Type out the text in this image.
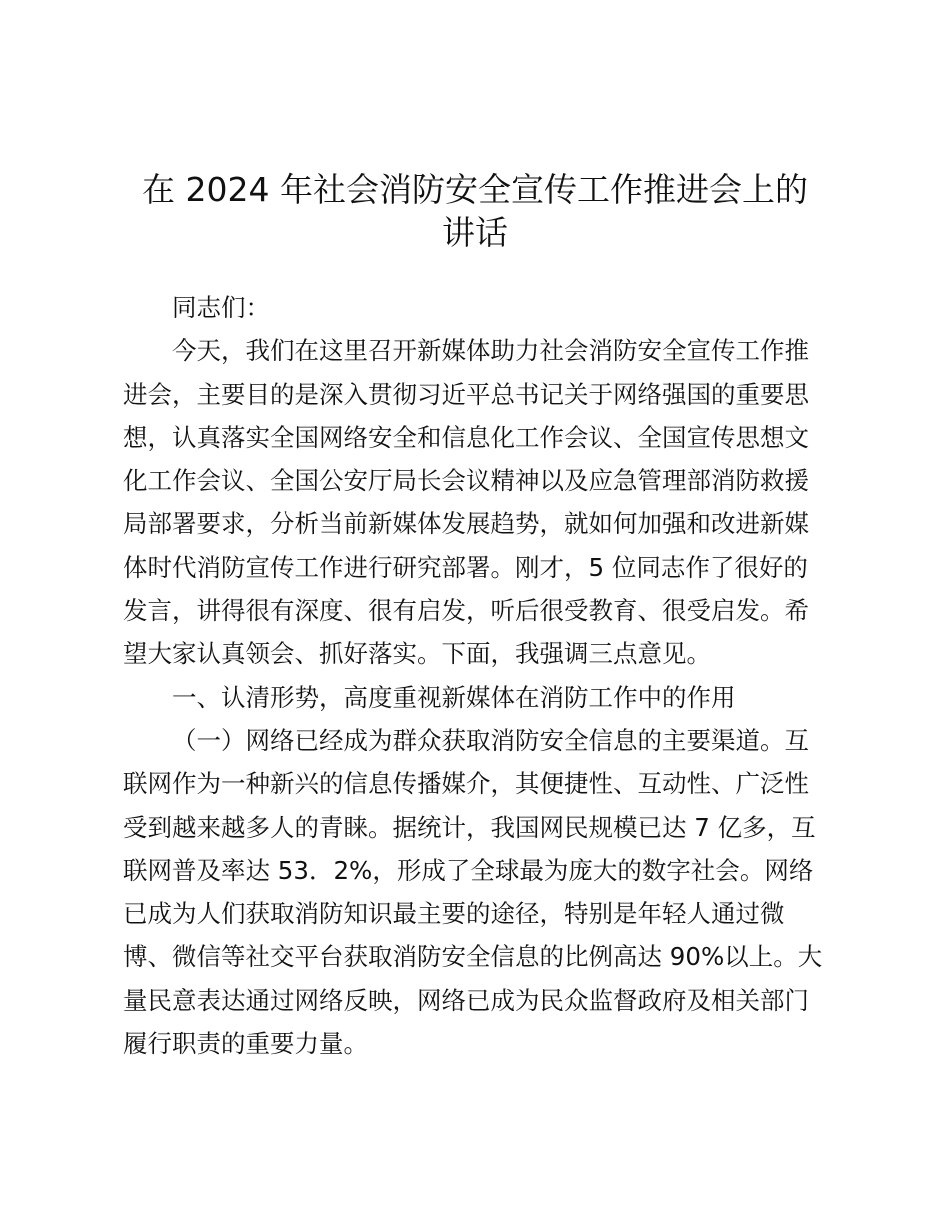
在 2024 年社会消防安全宣传工作推进会上的
讲话
同志们：
今天，我们在这里召开新媒体助力社会消防安全宣传工作推
进会，主要目的是深入贯彻习近平总书记关于网络强国的重要思
想，认真落实全国网络安全和信息化工作会议、全国宣传思想文
化工作会议、全国公安厅局长会议精神以及应急管理部消防救援
局部署要求，分析当前新媒体发展趋势，就如何加强和改进新媒
体时代消防宣传工作进行研究部署。刚才，5 位同志作了很好的
发言，讲得很有深度、很有启发，听后很受教育、很受启发。希
望大家认真领会、抓好落实。下面，我强调三点意见。
一、认清形势，高度重视新媒体在消防工作中的作用
（一）网络已经成为群众获取消防安全信息的主要渠道。互
联网作为一种新兴的信息传播媒介，其便捷性、互动性、广泛性
受到越来越多人的青睐。据统计，我国网民规模已达 7 亿多，互
联网普及率达 53．2%，形成了全球最为庞大的数字社会。网络
已成为人们获取消防知识最主要的途径，特别是年轻人通过微
博、微信等社交平台获取消防安全信息的比例高达 90%以上。大
量民意表达通过网络反映，网络已成为民众监督政府及相关部门
履行职责的重要力量。
